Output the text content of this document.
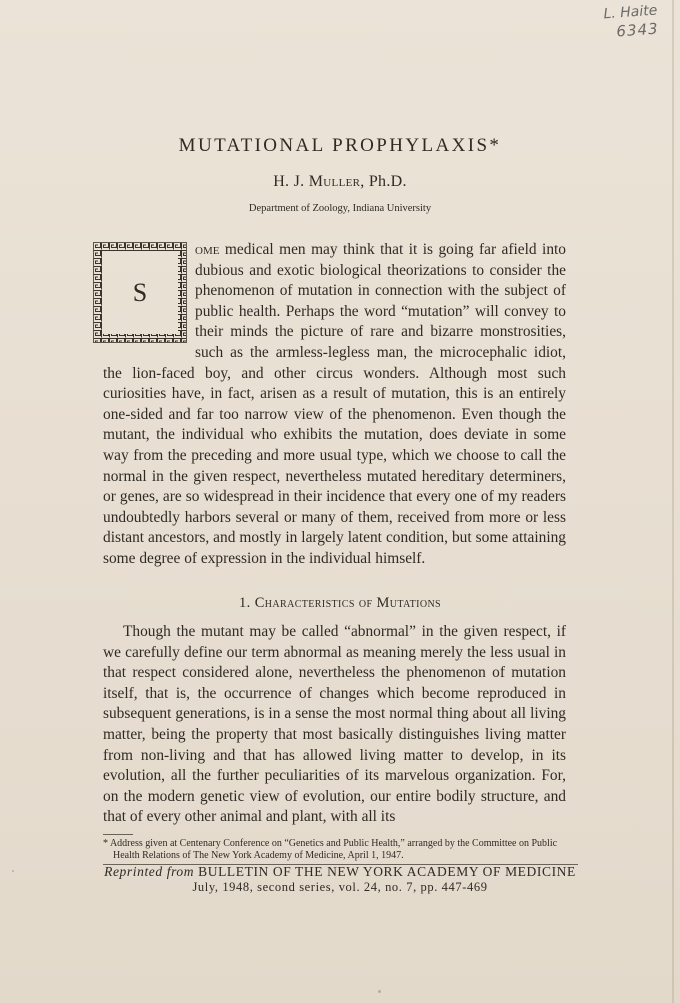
L. Haite
6343
MUTATIONAL PROPHYLAXIS*
H. J. Muller, Ph.D.
Department of Zoology, Indiana University
S
ome medical men may think that it is going far afield into dubious and exotic biological theorizations to consider the phenomenon of mutation in connection with the subject of public health. Perhaps the word “mutation” will convey to their minds the picture of rare and bizarre monstrosities, such as the armless-legless man, the microcephalic idiot, the lion-faced boy, and other circus wonders. Although most such curiosities have, in fact, arisen as a result of mutation, this is an entirely one-sided and far too narrow view of the phenomenon. Even though the mutant, the individual who exhibits the mutation, does deviate in some way from the preceding and more usual type, which we choose to call the normal in the given respect, nevertheless mutated hereditary determiners, or genes, are so widespread in their incidence that every one of my readers undoubtedly harbors several or many of them, received from more or less distant ancestors, and mostly in largely latent condition, but some attaining some degree of expression in the individual himself.
1. Characteristics of Mutations
Though the mutant may be called “abnormal” in the given respect, if we carefully define our term abnormal as meaning merely the less usual in that respect considered alone, nevertheless the phenomenon of mutation itself, that is, the occurrence of changes which become reproduced in subsequent generations, is in a sense the most normal thing about all living matter, being the property that most basically distinguishes living matter from non-living and that has allowed living matter to develop, in its evolution, all the further peculiarities of its marvelous organization. For, on the modern genetic view of evolution, our entire bodily structure, and that of every other animal and plant, with all its
* Address given at Centenary Conference on “Genetics and Public Health,” arranged by the Committee on Public Health Relations of The New York Academy of Medicine, April 1, 1947.
Reprinted from BULLETIN OF THE NEW YORK ACADEMY OF MEDICINE
July, 1948, second series, vol. 24, no. 7, pp. 447-469
